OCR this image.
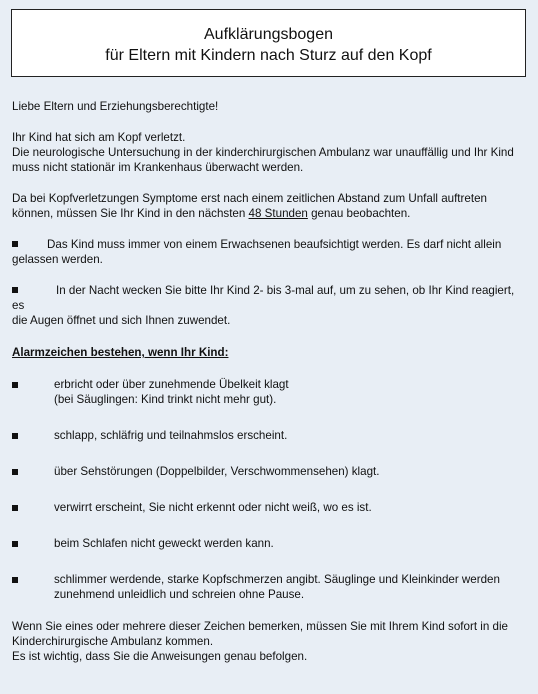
Aufklärungsbogen
für Eltern mit Kindern nach Sturz auf den Kopf

Liebe Eltern und Erziehungsberechtigte!

Ihr Kind hat sich am Kopf verletzt.

Die neurologische Untersuchung in der kinderchirurgischen Ambulanz war unauffällig und Ihr Kind

muss nicht stationär im Krankenhaus überwacht werden.

Da bei Kopfverletzungen Symptome erst nach einem zeitlichen Abstand zum Unfall auftreten

können, müssen Sie Ihr Kind in den nächsten 48 Stunden genau beobachten.

Das Kind muss immer von einem Erwachsenen beaufsichtigt werden. Es darf nicht allein

gelassen werden.

In der Nacht wecken Sie bitte Ihr Kind 2- bis 3-mal auf, um zu sehen, ob Ihr Kind reagiert, es

die Augen öffnet und sich Ihnen zuwendet.

Alarmzeichen bestehen, wenn Ihr Kind:

erbricht oder über zunehmende Übelkeit klagt

(bei Säuglingen: Kind trinkt nicht mehr gut).

schlapp, schläfrig und teilnahmslos erscheint.

über Sehstörungen (Doppelbilder, Verschwommensehen) klagt.

verwirrt erscheint, Sie nicht erkennt oder nicht weiß, wo es ist.

beim Schlafen nicht geweckt werden kann.

schlimmer werdende, starke Kopfschmerzen angibt. Säuglinge und Kleinkinder werden

zunehmend unleidlich und schreien ohne Pause.

Wenn Sie eines oder mehrere dieser Zeichen bemerken, müssen Sie mit Ihrem Kind sofort in die

Kinderchirurgische Ambulanz kommen.

Es ist wichtig, dass Sie die Anweisungen genau befolgen.
